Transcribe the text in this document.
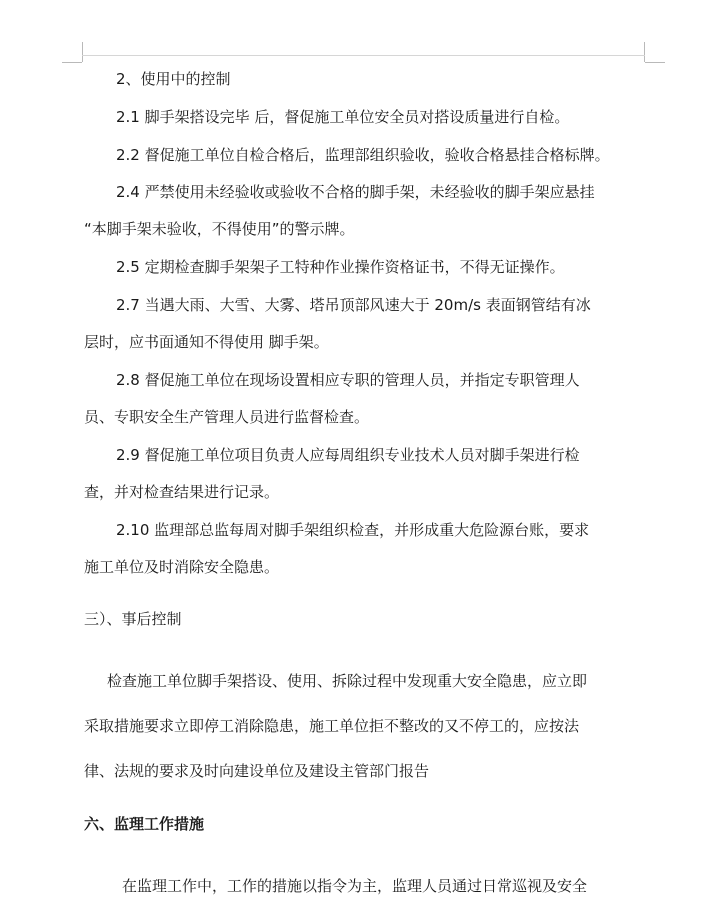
2、使用中的控制
2.1 脚手架搭设完毕 后，督促施工单位安全员对搭设质量进行自检。
2.2 督促施工单位自检合格后，监理部组织验收，验收合格悬挂合格标牌。
2.4 严禁使用未经验收或验收不合格的脚手架，未经验收的脚手架应悬挂
“本脚手架未验收，不得使用”的警示牌。
2.5 定期检查脚手架架子工特种作业操作资格证书，不得无证操作。
2.7 当遇大雨、大雪、大雾、塔吊顶部风速大于 20m/s 表面钢管结有冰
层时，应书面通知不得使用 脚手架。
2.8 督促施工单位在现场设置相应专职的管理人员，并指定专职管理人
员、专职安全生产管理人员进行监督检查。
2.9 督促施工单位项目负责人应每周组织专业技术人员对脚手架进行检
查，并对检查结果进行记录。
2.10 监理部总监每周对脚手架组织检查，并形成重大危险源台账，要求
施工单位及时消除安全隐患。
三）、事后控制
检查施工单位脚手架搭设、使用、拆除过程中发现重大安全隐患，应立即
采取措施要求立即停工消除隐患，施工单位拒不整改的又不停工的，应按法
律、法规的要求及时向建设单位及建设主管部门报告
六、监理工作措施
在监理工作中，工作的措施以指令为主，监理人员通过日常巡视及安全
